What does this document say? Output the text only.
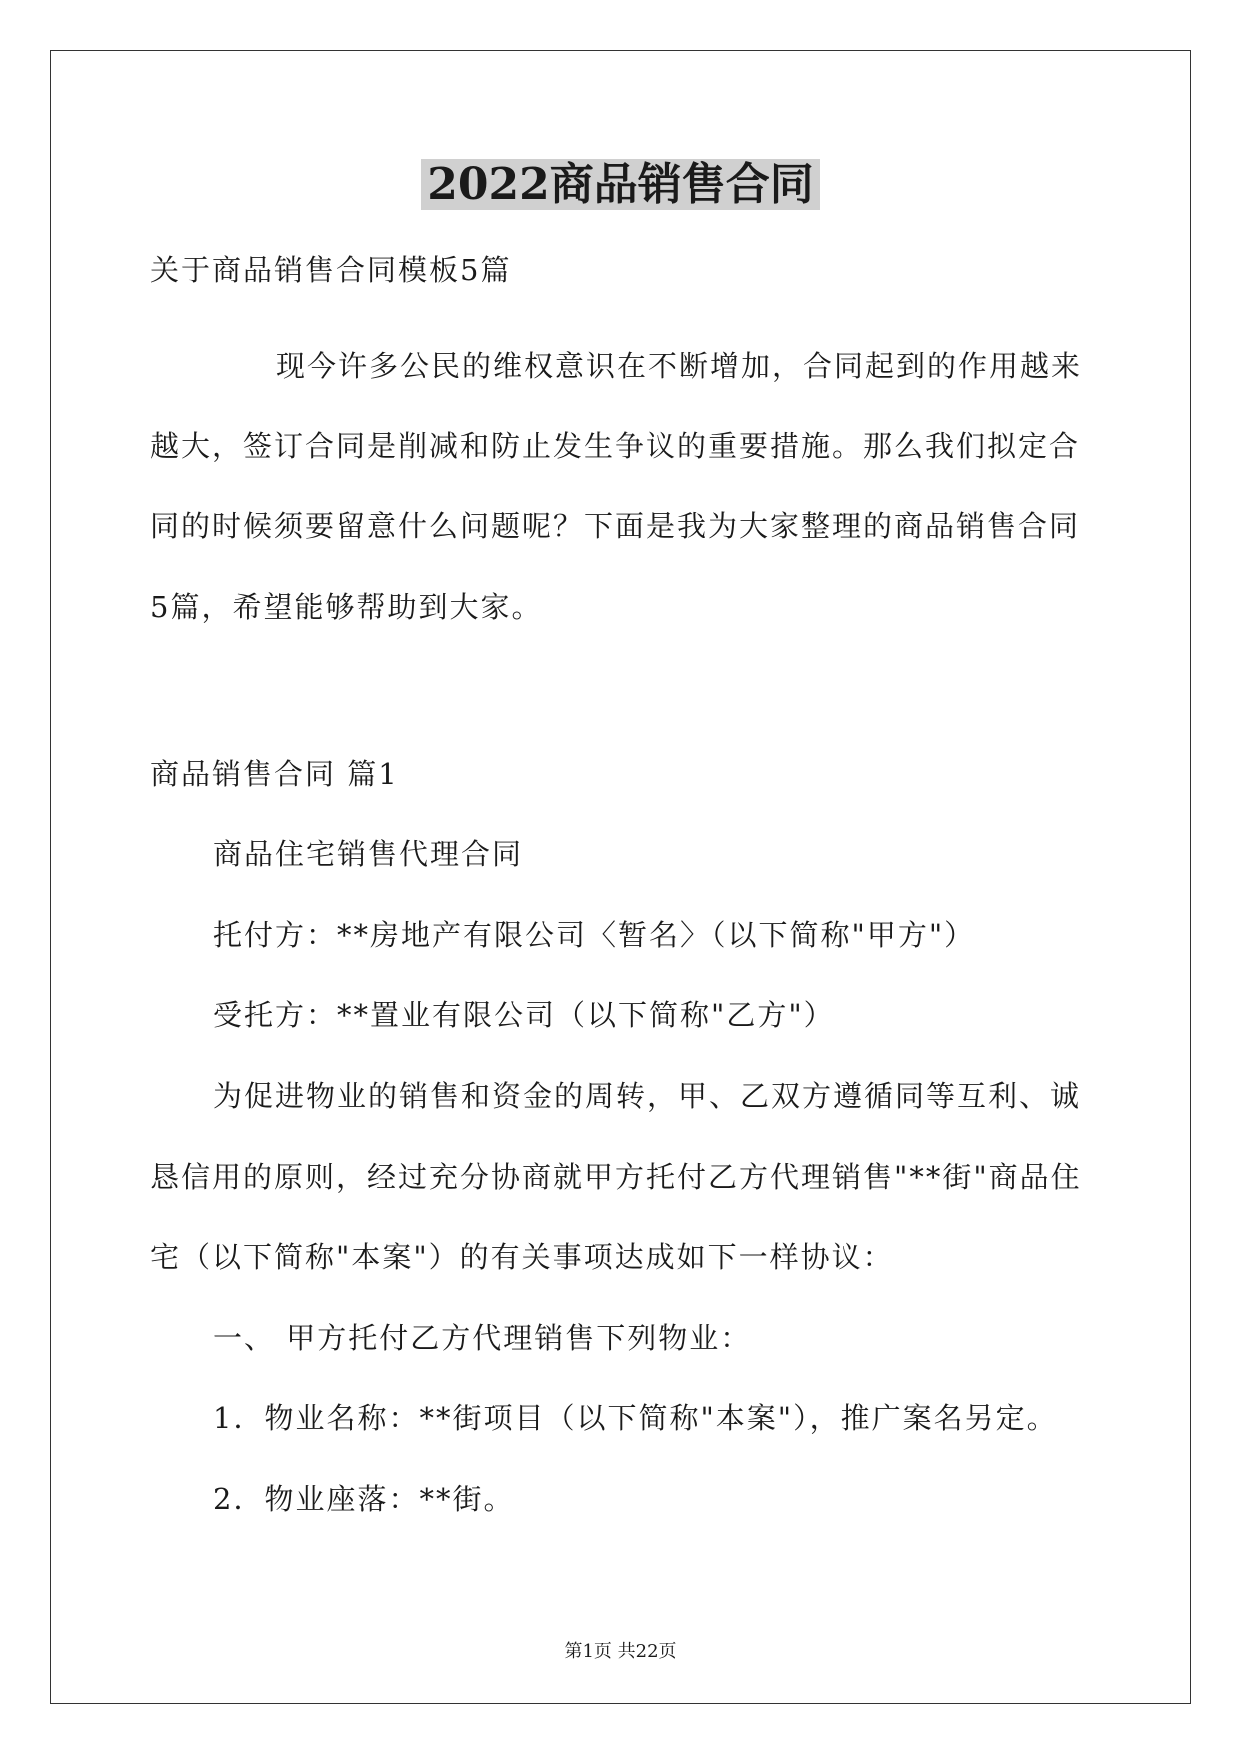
2022商品销售合同
关于商品销售合同模板5篇
现今许多公民的维权意识在不断增加，合同起到的作用越来
越大，签订合同是削减和防止发生争议的重要措施。那么我们拟定合
同的时候须要留意什么问题呢？下面是我为大家整理的商品销售合同
5篇，希望能够帮助到大家。
商品销售合同 篇1
商品住宅销售代理合同
托付方：**房地产有限公司〈暂名〉（以下简称"甲方"）
受托方：**置业有限公司（以下简称"乙方"）
为促进物业的销售和资金的周转，甲、乙双方遵循同等互利、诚
恳信用的原则，经过充分协商就甲方托付乙方代理销售"**街"商品住
宅（以下简称"本案"）的有关事项达成如下一样协议：
一、 甲方托付乙方代理销售下列物业：
1．物业名称：**街项目（以下简称"本案"），推广案名另定。
2．物业座落：**街。
第1页 共22页
